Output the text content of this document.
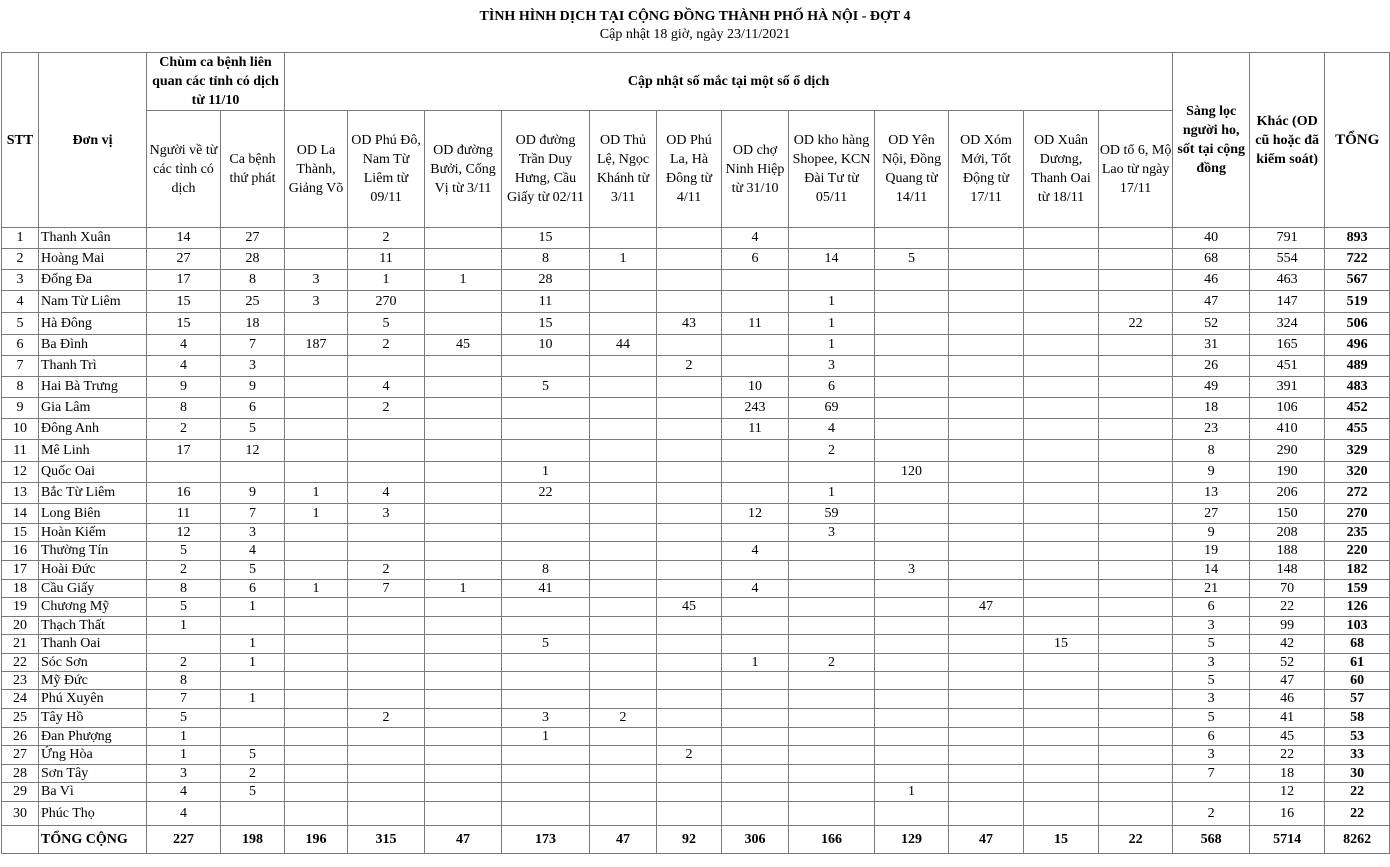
TÌNH HÌNH DỊCH TẠI CỘNG ĐỒNG THÀNH PHỐ HÀ NỘI - ĐỢT 4
Cập nhật 18 giờ, ngày 23/11/2021
STT	Đơn vị	Chùm ca bệnh liên quan các tỉnh có dịch từ 11/10		Cập nhật số mắc tại một số ổ dịch												Sàng lọc người ho, sốt tại cộng đồng	Khác (OD cũ hoặc đã kiểm soát)	TỔNG
		Người về từ các tỉnh có dịch	Ca bệnh thứ phát	OD La Thành, Giảng Võ	OD Phú Đô, Nam Từ Liêm từ 09/11	OD đường Bưởi, Cống Vị từ 3/11	OD đường Trần Duy Hưng, Cầu Giấy từ 02/11	OD Thủ Lệ, Ngọc Khánh từ 3/11	OD Phú La, Hà Đông từ 4/11	OD chợ Ninh Hiệp từ 31/10	OD kho hàng Shopee, KCN Đài Tư từ 05/11	OD Yên Nội, Đồng Quang từ 14/11	OD Xóm Mới, Tốt Động từ 17/11	OD Xuân Dương, Thanh Oai từ 18/11	OD tổ 6, Mộ Lao từ ngày 17/11			
1	Thanh Xuân	14	27		2		15			4						40	791	893
2	Hoàng Mai	27	28		11		8	1		6	14	5				68	554	722
3	Đống Đa	17	8	3	1	1	28									46	463	567
4	Nam Từ Liêm	15	25	3	270		11				1					47	147	519
5	Hà Đông	15	18		5		15		43	11	1				22	52	324	506
6	Ba Đình	4	7	187	2	45	10	44			1					31	165	496
7	Thanh Trì	4	3						2		3					26	451	489
8	Hai Bà Trưng	9	9		4		5			10	6					49	391	483
9	Gia Lâm	8	6		2					243	69					18	106	452
10	Đông Anh	2	5							11	4					23	410	455
11	Mê Linh	17	12								2					8	290	329
12	Quốc Oai						1					120				9	190	320
13	Bắc Từ Liêm	16	9	1	4		22				1					13	206	272
14	Long Biên	11	7	1	3					12	59					27	150	270
15	Hoàn Kiếm	12	3								3					9	208	235
16	Thường Tín	5	4							4						19	188	220
17	Hoài Đức	2	5		2		8					3				14	148	182
18	Cầu Giấy	8	6	1	7	1	41			4						21	70	159
19	Chương Mỹ	5	1						45				47			6	22	126
20	Thạch Thất	1														3	99	103
21	Thanh Oai		1				5							15		5	42	68
22	Sóc Sơn	2	1							1	2					3	52	61
23	Mỹ Đức	8														5	47	60
24	Phú Xuyên	7	1													3	46	57
25	Tây Hồ	5			2		3	2								5	41	58
26	Đan Phượng	1					1									6	45	53
27	Ứng Hòa	1	5						2							3	22	33
28	Sơn Tây	3	2													7	18	30
29	Ba Vì	4	5									1					12	22
30	Phúc Thọ	4														2	16	22
	TỔNG CỘNG	227	198	196	315	47	173	47	92	306	166	129	47	15	22	568	5714	8262
